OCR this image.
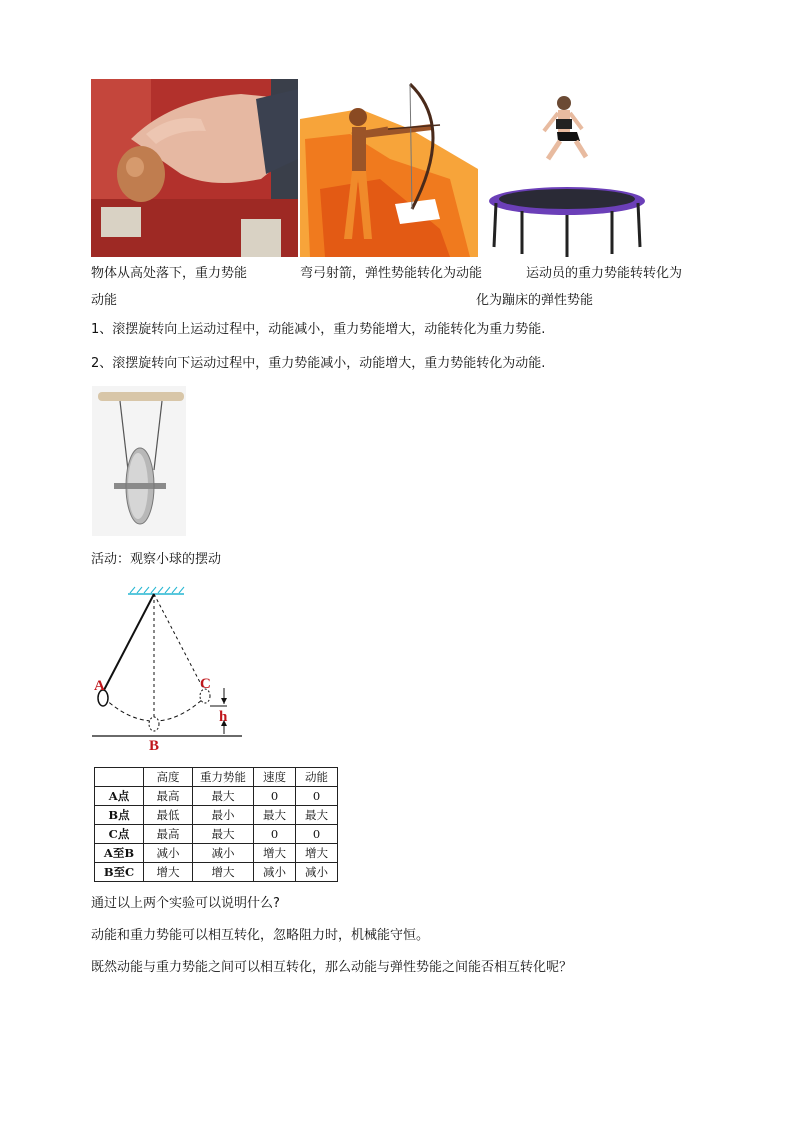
物体从高处落下，重力势能
动能
弯弓射箭，弹性势能转化为动能	运动员的重力势能转转化为
化为蹦床的弹性势能
1、滚摆旋转向上运动过程中，动能减小，重力势能增大，动能转化为重力势能.
2、滚摆旋转向下运动过程中，重力势能减小，动能增大，重力势能转化为动能.
活动：观察小球的摆动
A
B
C
h
	高度	重力势能	速度	动能
A点	最高	最大	0	0
B点	最低	最小	最大	最大
C点	最高	最大	0	0
A至B	减小	减小	增大	增大
B至C	增大	增大	减小	减小
通过以上两个实验可以说明什么?
动能和重力势能可以相互转化，忽略阻力时，机械能守恒。
既然动能与重力势能之间可以相互转化，那么动能与弹性势能之间能否相互转化呢？
